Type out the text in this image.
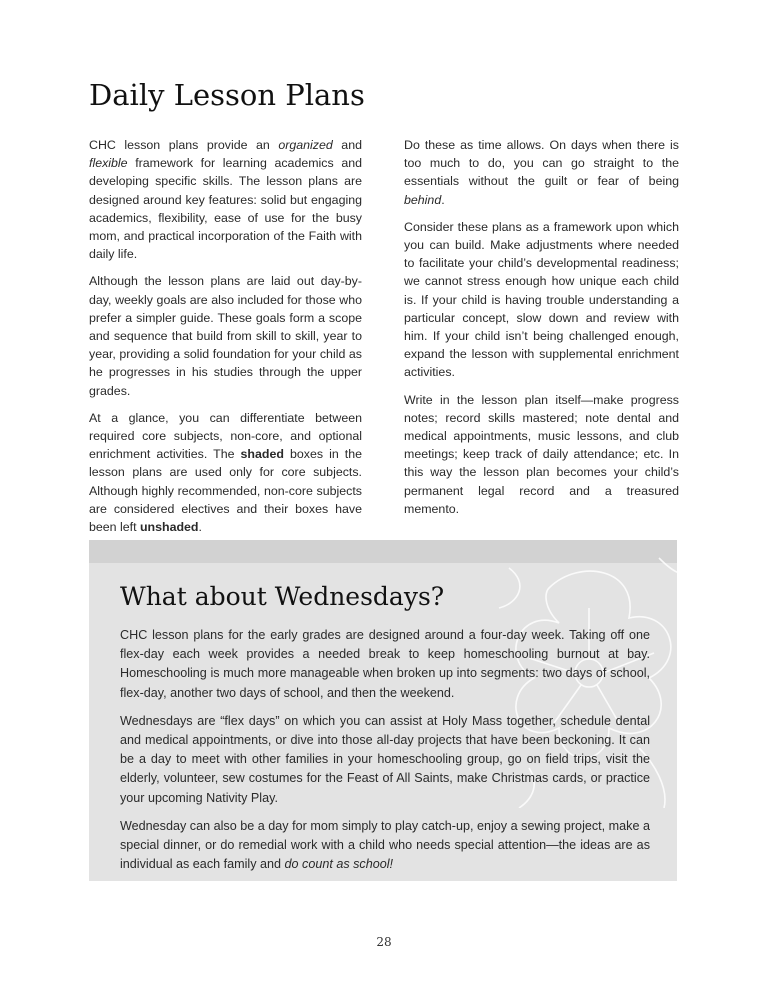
Daily Lesson Plans

CHC lesson plans provide an organized and flexible framework for learning academics and developing specific skills. The lesson plans are designed around key features: solid but engaging academics, flexibility, ease of use for the busy mom, and practical incorporation of the Faith with daily life.

Although the lesson plans are laid out day-by-day, weekly goals are also included for those who prefer a simpler guide. These goals form a scope and sequence that build from skill to skill, year to year, providing a solid foundation for your child as he progresses in his studies through the upper grades.

At a glance, you can differentiate between required core subjects, non-core, and optional enrichment activities. The shaded boxes in the lesson plans are used only for core subjects. Although highly recommended, non-core subjects are considered electives and their boxes have been left unshaded.

Do these as time allows. On days when there is too much to do, you can go straight to the essentials without the guilt or fear of being behind.

Consider these plans as a framework upon which you can build. Make adjustments where needed to facilitate your child’s developmental readiness; we cannot stress enough how unique each child is. If your child is having trouble understanding a particular concept, slow down and review with him. If your child isn’t being challenged enough, expand the lesson with supplemental enrichment activities.

Write in the lesson plan itself—make progress notes; record skills mastered; note dental and medical appointments, music lessons, and club meetings; keep track of daily attendance; etc. In this way the lesson plan becomes your child’s permanent legal record and a treasured memento.

What about Wednesdays?

CHC lesson plans for the early grades are designed around a four-day week. Taking off one flex-day each week provides a needed break to keep homeschooling burnout at bay. Homeschooling is much more manageable when broken up into segments: two days of school, flex-day, another two days of school, and then the weekend.

Wednesdays are “flex days” on which you can assist at Holy Mass together, schedule dental and medical appointments, or dive into those all-day projects that have been beckoning. It can be a day to meet with other families in your homeschooling group, go on field trips, visit the elderly, volunteer, sew costumes for the Feast of All Saints, make Christmas cards, or practice your upcoming Nativity Play.

Wednesday can also be a day for mom simply to play catch-up, enjoy a sewing project, make a special dinner, or do remedial work with a child who needs special attention—the ideas are as individual as each family and do count as school!

28
